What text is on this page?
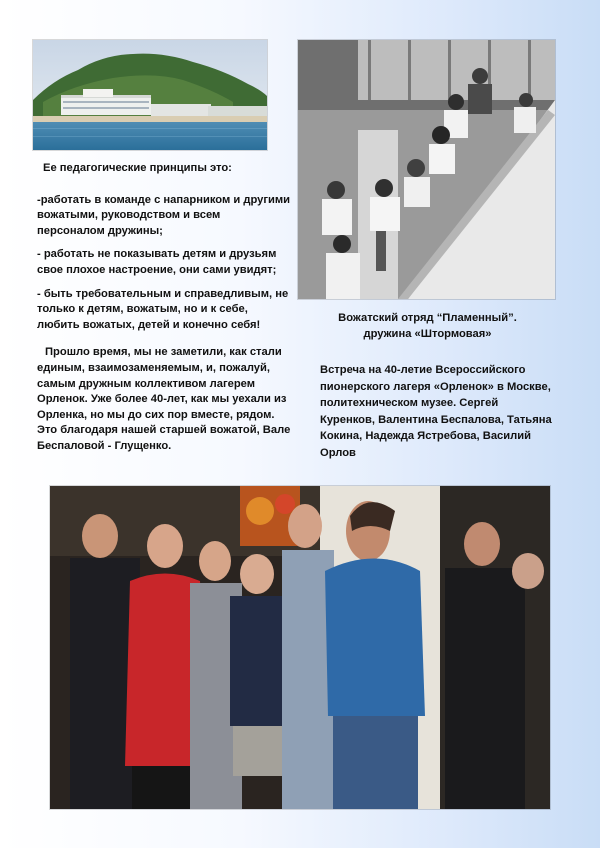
Ее педагогические принципы это:

-работать в команде с напарником и другими вожатыми, руководством и всем персоналом дружины;

- работать не показывать детям и друзьям свое плохое настроение, они сами увидят;

- быть требовательным и справедливым, не только к детям, вожатым, но и к себе, любить вожатых, детей и конечно себя!

Прошло время, мы не заметили, как стали единым, взаимозаменяемым, и, пожалуй, самым дружным коллективом лагерем Орленок. Уже более 40-лет, как мы уехали из Орленка, но мы до сих пор вместе, рядом. Это благодаря нашей старшей вожатой, Вале Беспаловой - Глущенко.

Вожатский отряд “Пламенный”.
дружина «Штормовая»
Встреча на 40-летие Всероссийского пионерского лагеря «Орленок» в Москве, политехническом музее. Сергей Куренков, Валентина Беспалова, Татьяна Кокина, Надежда Ястребова, Василий Орлов
